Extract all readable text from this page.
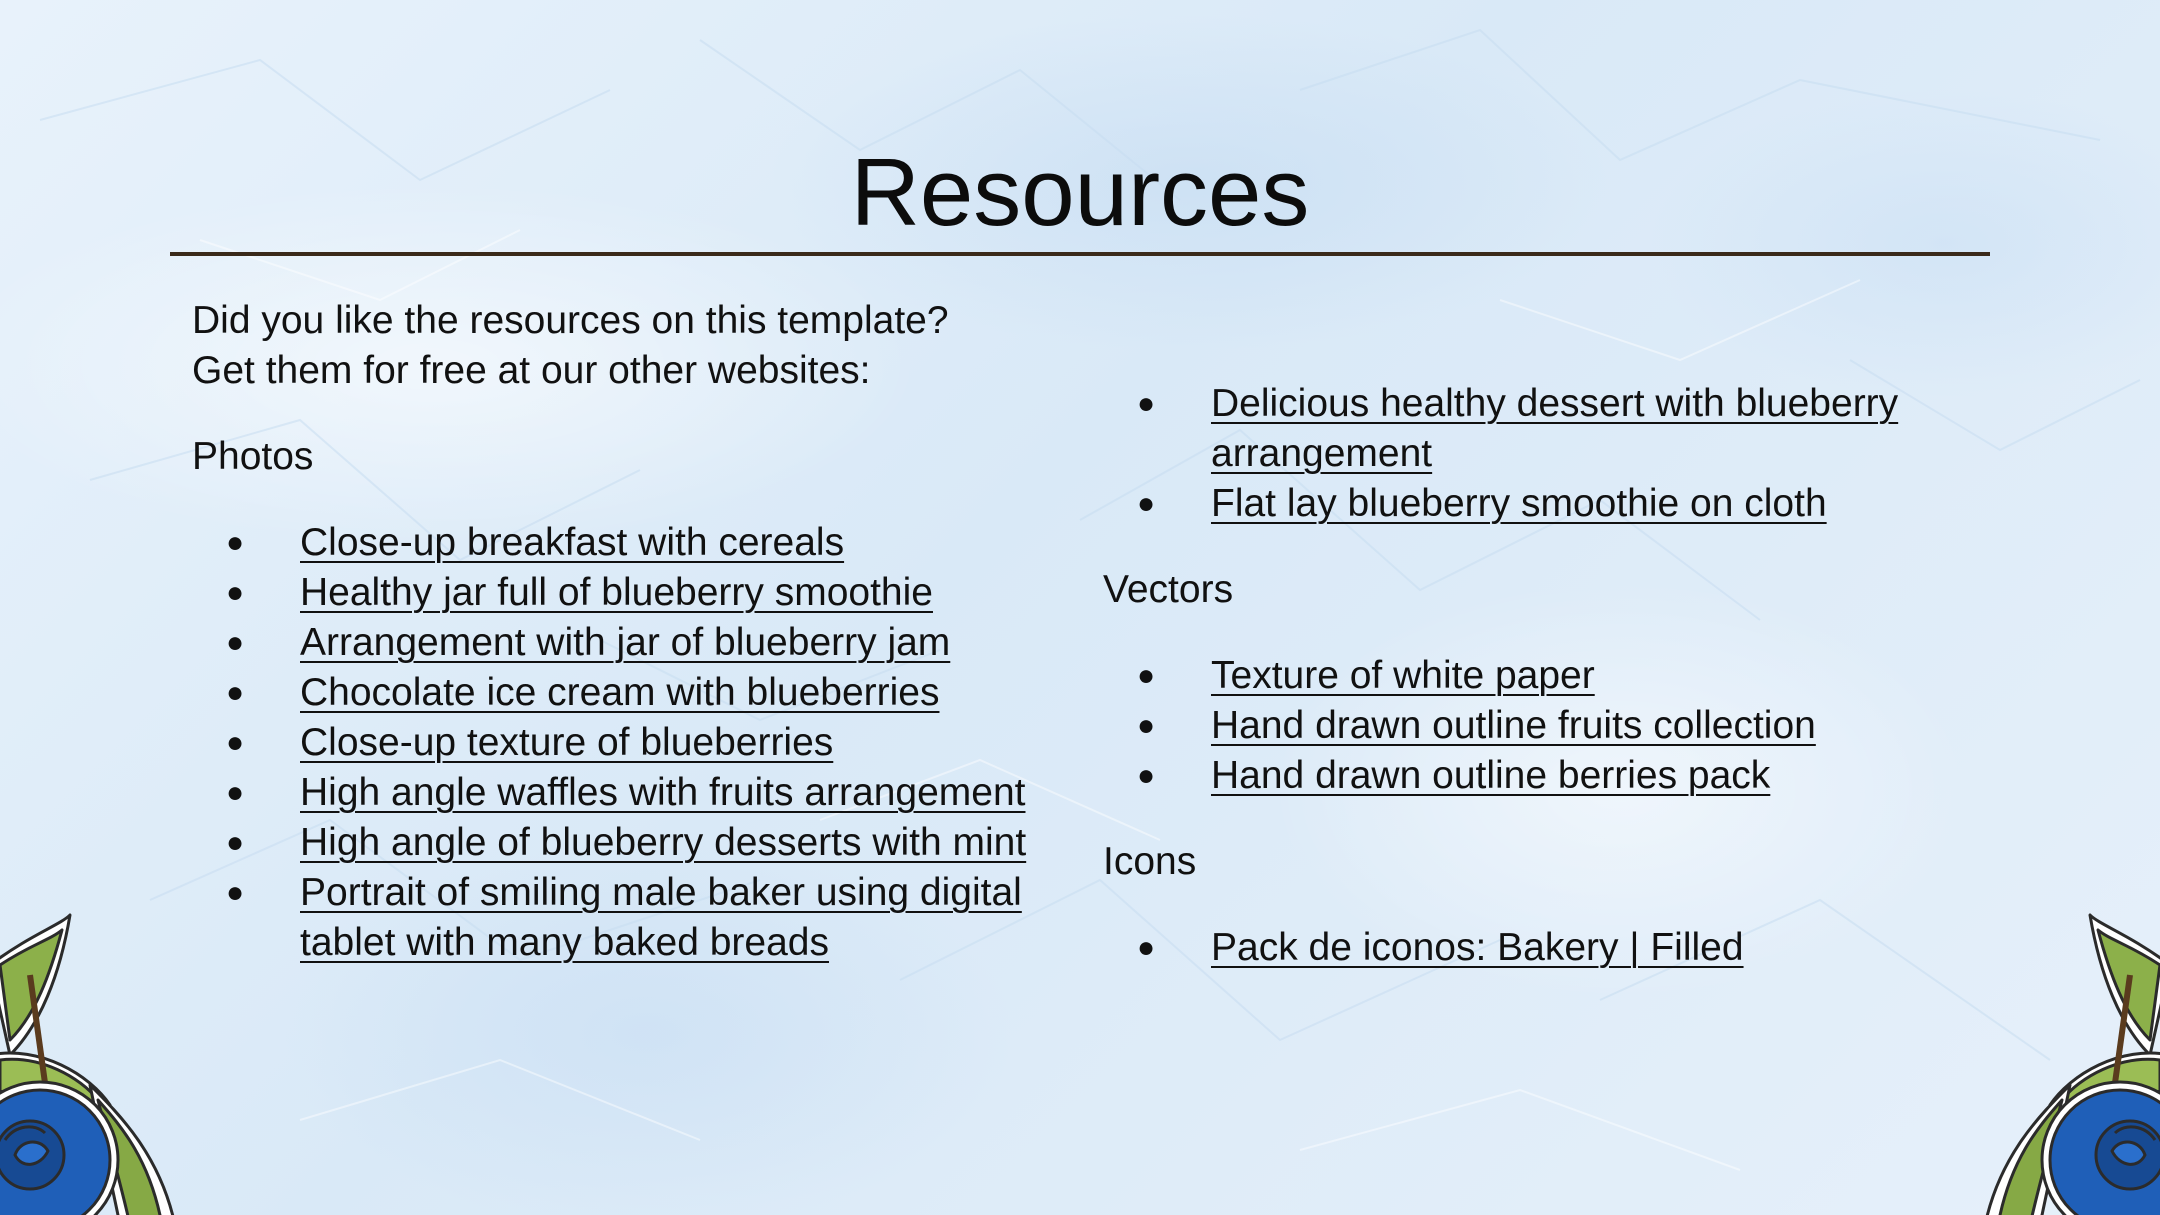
Resources

Did you like the resources on this template?
Get them for free at our other websites:

Photos

● Close-up breakfast with cereals
● Healthy jar full of blueberry smoothie
● Arrangement with jar of blueberry jam
● Chocolate ice cream with blueberries
● Close-up texture of blueberries
● High angle waffles with fruits arrangement
● High angle of blueberry desserts with mint
● Portrait of smiling male baker using digital tablet with many baked breads
● Delicious healthy dessert with blueberry arrangement
● Flat lay blueberry smoothie on cloth

Vectors

● Texture of white paper
● Hand drawn outline fruits collection
● Hand drawn outline berries pack

Icons

● Pack de iconos: Bakery | Filled
